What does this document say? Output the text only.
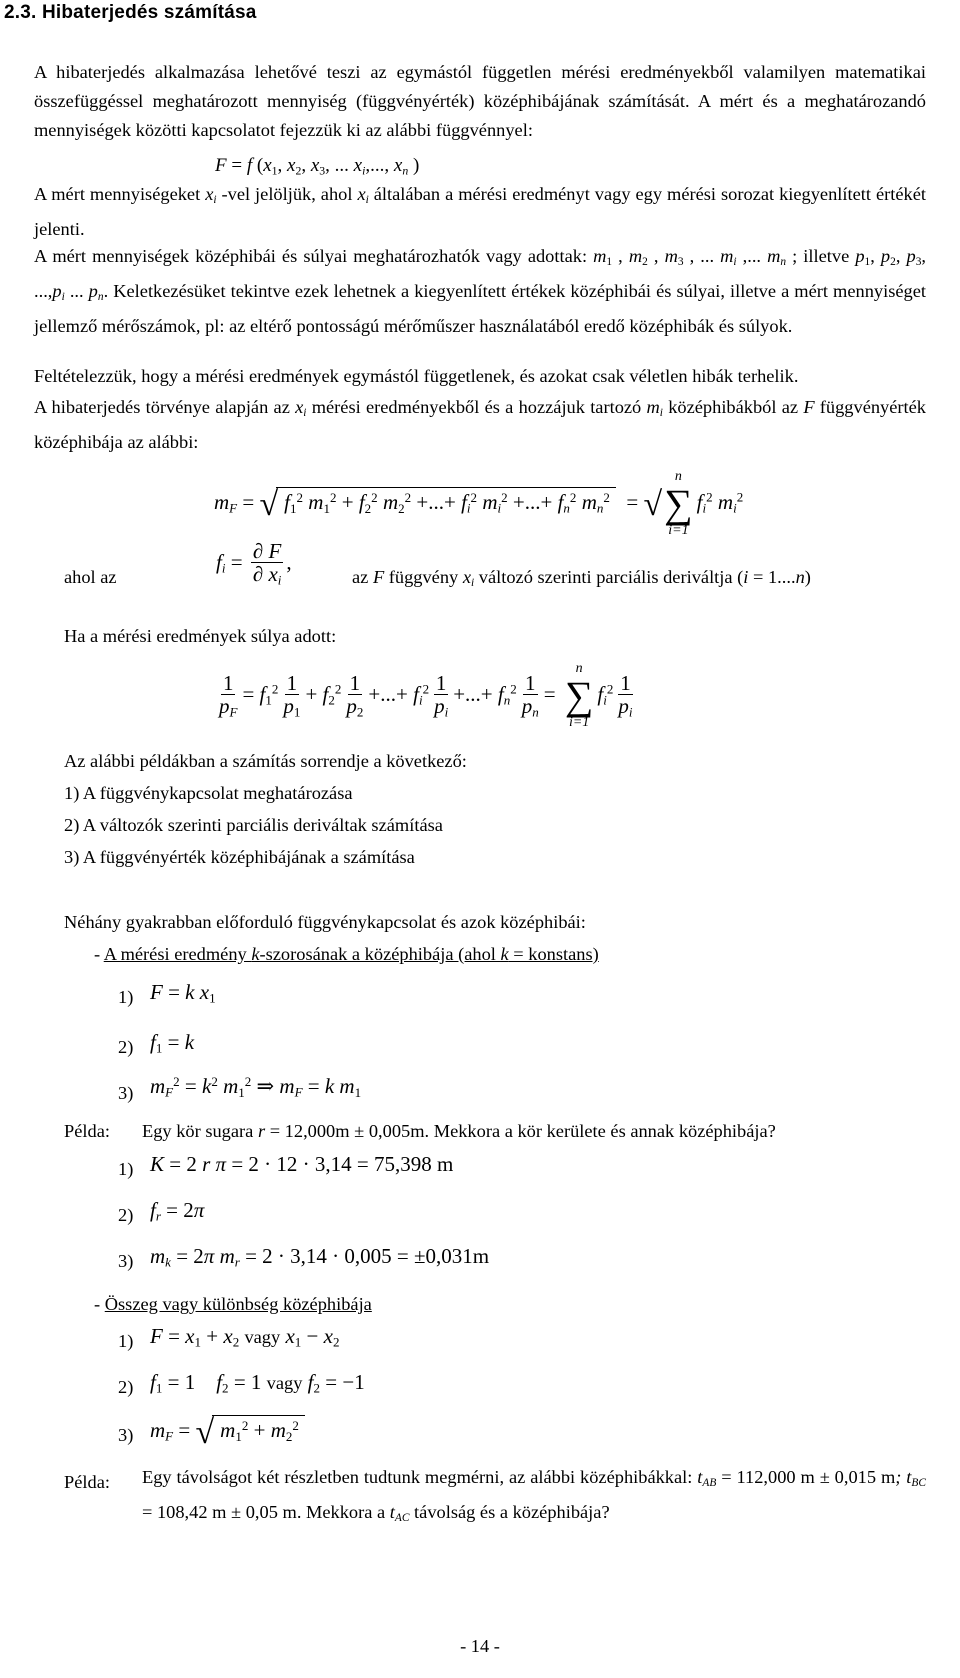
2.3. Hibaterjedés számítása

A hibaterjedés alkalmazása lehetővé teszi az egymástól független mérési eredményekből valamilyen matematikai összefüggéssel meghatározott mennyiség (függvényérték) középhibájának számítását. A mért és a meghatározandó mennyiségek közötti kapcsolatot fejezzük ki az alábbi függvénnyel:

F = f ($x_1$, $x_2$, $x_3$, ... $x_i$,..., $x_n$ )

A mért mennyiségeket $x_i$ -vel jelöljük, ahol $x_i$ általában a mérési eredményt vagy egy mérési sorozat kiegyenlített értékét jelenti.

A mért mennyiségek középhibái és súlyai meghatározhatók vagy adottak: $m_1$ , $m_2$ , $m_3$ , ... $m_i$ ,... $m_n$ ; illetve $p_1$, $p_2$, $p_3$, $...,p_i$ ... $p_n$. Keletkezésüket tekintve ezek lehetnek a kiegyenlített értékek középhibái és súlyai, illetve a mért mennyiséget jellemző mérőszámok, pl: az eltérő pontosságú mérőműszer használatából eredő középhibák és súlyok.

Feltételezzük, hogy a mérési eredmények egymástól függetlenek, és azokat csak véletlen hibák terhelik.

A hibaterjedés törvénye alapján az $x_i$ mérési eredményekből és a hozzájuk tartozó $m_i$ középhibákból az F függvényérték középhibája az alábbi:

$m_F$ = √ $f_1^2$ $m_1^2 + f_2^2$ $m_2^2$ +...+ $f_i^2$ $m_i^2$ +...+ $f_n^2$ $m_n^2$  = √
n
∑
i=1
$f_i^2$ $m_i^2$
ahol az
$f_i = \frac{\partial F}{\partial x_i}$ ,
az F függvény $x_i$ változó szerinti parciális deriváltja (i = 1....n)
Ha a mérési eredmények súlya adott:
$\frac{1}{p_F} = f_1^2 \frac{1}{p_1} + f_2^2 \frac{1}{p_2}$ +...+ $f_i^2 \frac{1}{p_i}$ +...+ $f_n^2 \frac{1}{p_n}$ =
n
∑
i=1
$f_i^2 \frac{1}{p_i}$
Az alábbi példákban a számítás sorrendje a következő:
1) A függvénykapcsolat meghatározása
2) A változók szerinti parciális deriváltak számítása
3) A függvényérték középhibájának a számítása
Néhány gyakrabban előforduló függvénykapcsolat és azok középhibái:
- A mérési eredmény k-szorosának a középhibája (ahol k = konstans)
1) F = k $x_1$
2) $f_1 = k$
3) $m_F^2 = k^2$ $m_1^2$ ⇒ $m_F = k$ $m_1$
Példa: Egy kör sugara r = 12,000m ± 0,005m. Mekkora a kör kerülete és annak középhibája?
1) K = 2 r π = 2 · 12 · 3,14 = 75,398 m
2) $f_r = 2\pi$
3) $m_k = 2\pi$ $m_r = 2 \cdot 3,14 \cdot 0,005 = \pm 0,031m$
- Összeg vagy különbség középhibája
1) $F = x_1 + x_2$ vagy $x_1 - x_2$
2) $f_1 = 1$    $f_2 = 1$ vagy $f_2 = -1$
3) $m_F$ = √ $m_1^2 + m_2^2$
Példa: Egy távolságot két részletben tudtunk megmérni, az alábbi középhibákkal: $t_{AB} = 112,000$ m ± 0,015 m; $t_{BC} = 108,42$ m ± 0,05 m. Mekkora a $t_{AC}$ távolság és a középhibája?

- 14 -
